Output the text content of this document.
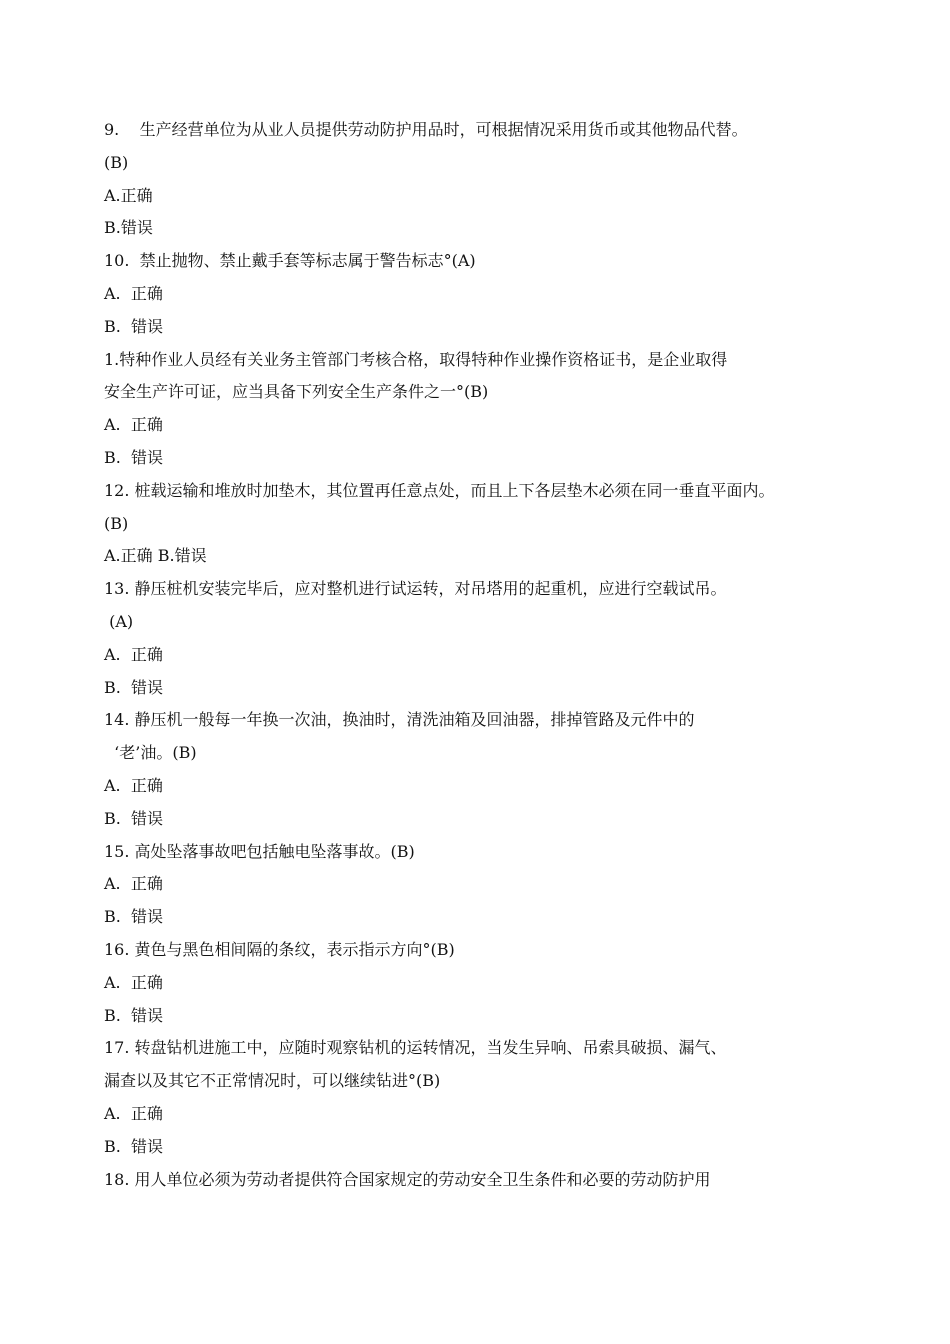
9.    生产经营单位为从业人员提供劳动防护用品时，可根据情况采用货币或其他物品代替。
(B)
A.正确
B.错误
10.  禁止抛物、禁止戴手套等标志属于警告标志°(A)
A.  正确
B.  错误
1.特种作业人员经有关业务主管部门考核合格，取得特种作业操作资格证书，是企业取得
安全生产许可证，应当具备下列安全生产条件之一°(B)
A.  正确
B.  错误
12. 桩载运输和堆放时加垫木，其位置再任意点处，而且上下各层垫木必须在同一垂直平面内。
(B)
A.正确 B.错误
13. 静压桩机安装完毕后，应对整机进行试运转，对吊塔用的起重机，应进行空载试吊。
(A)
A.  正确
B.  错误
14. 静压机一般每一年换一次油，换油时，清洗油箱及回油器，排掉管路及元件中的
‘老’油。(B)
A.  正确
B.  错误
15. 高处坠落事故吧包括触电坠落事故。(B)
A.  正确
B.  错误
16. 黄色与黑色相间隔的条纹，表示指示方向°(B)
A.  正确
B.  错误
17. 转盘钻机进施工中，应随时观察钻机的运转情况，当发生异响、吊索具破损、漏气、
漏查以及其它不正常情况时，可以继续钻进°(B)
A.  正确
B.  错误
18. 用人单位必须为劳动者提供符合国家规定的劳动安全卫生条件和必要的劳动防护用
